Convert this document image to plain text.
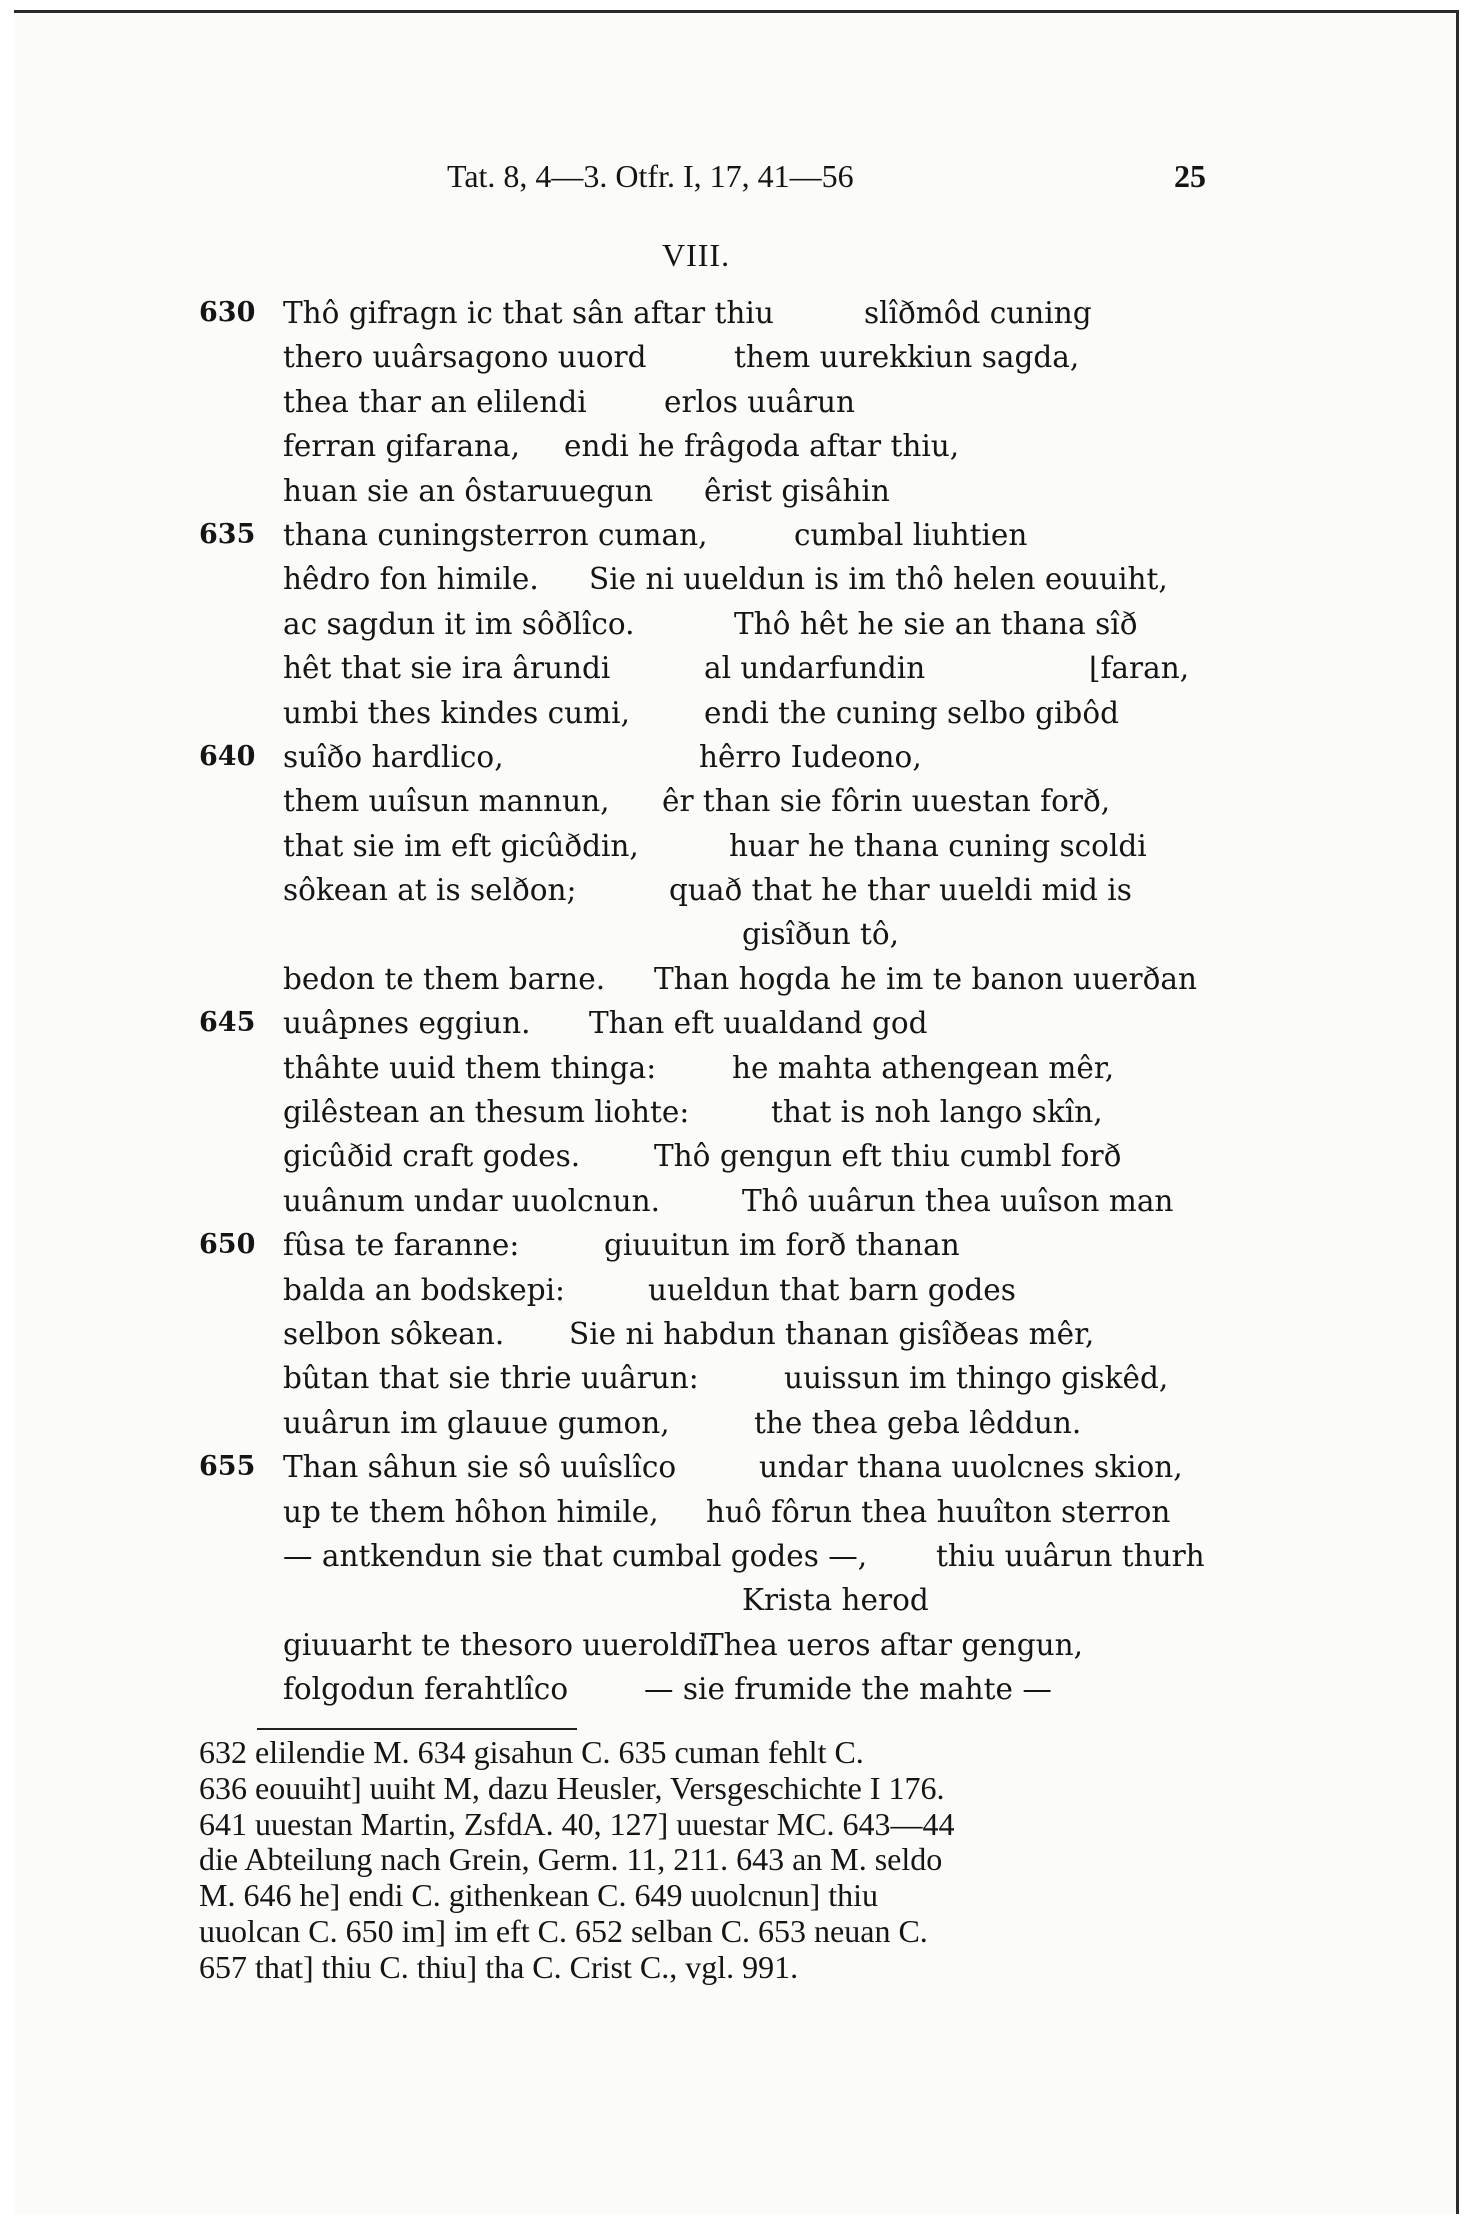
Tat. 8, 4—3. Otfr. I, 17, 41—56	25
VIII.
630 Thô gifragn ic that sân aftar thiu	slîðmôd cuning
thero uuârsagono uuord	them uurekkiun sagda,
thea thar an elilendi	erlos uuârun
ferran gifarana, endi he frâgoda aftar thiu,
huan sie an ôstaruuegun êrist gisâhin
635 thana cuningsterron cuman,	cumbal liuhtien
hêdro fon himile. Sie ni uueldun is im thô helen eouuiht,
ac sagdun it im sôðlîco.	Thô hêt he sie an thana sîð
hêt that sie ira ârundi	al undarfundin	⌊faran,
umbi thes kindes cumi,	endi the cuning selbo gibôd
640 suîðo hardlico,	hêrro Iudeono,
them uuîsun mannun, êr than sie fôrin uuestan forð,
that sie im eft gicûðdin,	huar he thana cuning scoldi
sôkean at is selðon;	quað that he thar uueldi mid is
gisîðun tô,
bedon te them barne. Than hogda he im te banon uuerðan
645 uuâpnes eggiun. Than eft uualdand god
thâhte uuid them thinga:	he mahta athengean mêr,
gilêstean an thesum liohte:	that is noh lango skîn,
gicûðid craft godes.	Thô gengun eft thiu cumbl forð
uuânum undar uuolcnun.	Thô uuârun thea uuîson man
650 fûsa te faranne:	giuuitun im forð thanan
balda an bodskepi:	uueldun that barn godes
selbon sôkean. Sie ni habdun thanan gisîðeas mêr,
bûtan that sie thrie uuârun:	uuissun im thingo giskêd,
uuârun im glauue gumon,	the thea geba lêddun.
655 Than sâhun sie sô uuîslîco	undar thana uuolcnes skion,
up te them hôhon himile, huô fôrun thea huuîton sterron
— antkendun sie that cumbal godes —, thiu uuârun thurh
Krista herod
giuuarht te thesoro uueroldi.
Thea ueros aftar gengun,
folgodun ferahtlîco	— sie frumide the mahte —
632 elilendie M. 634 gisahun C. 635 cuman fehlt C.
636 eouuiht] uuiht M, dazu Heusler, Versgeschichte I 176.
641 uuestan Martin, ZsfdA. 40, 127] uuestar MC. 643—44
die Abteilung nach Grein, Germ. 11, 211. 643 an M. seldo
M. 646 he] endi C. githenkean C. 649 uuolcnun] thiu
uuolcan C. 650 im] im eft C. 652 selban C. 653 neuan C.
657 that] thiu C. thiu] tha C. Crist C., vgl. 991.
